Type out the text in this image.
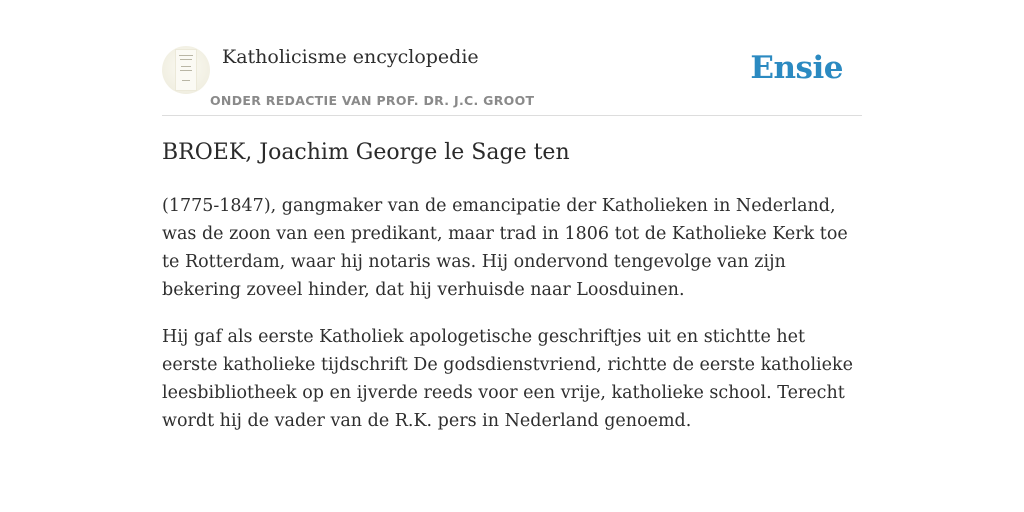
Katholicisme encyclopedie
ONDER REDACTIE VAN PROF. DR. J.C. GROOT
Ensie
BROEK, Joachim George le Sage ten

(1775-1847), gangmaker van de emancipatie der Katholieken in Nederland, was de zoon van een predikant, maar trad in 1806 tot de Katholieke Kerk toe te Rotterdam, waar hij notaris was. Hij ondervond tengevolge van zijn bekering zoveel hinder, dat hij verhuisde naar Loosduinen.

Hij gaf als eerste Katholiek apologetische geschriftjes uit en stichtte het eerste katholieke tijdschrift De godsdienstvriend, richtte de eerste katholieke leesbibliotheek op en ijverde reeds voor een vrije, katholieke school. Terecht wordt hij de vader van de R.K. pers in Nederland genoemd.
